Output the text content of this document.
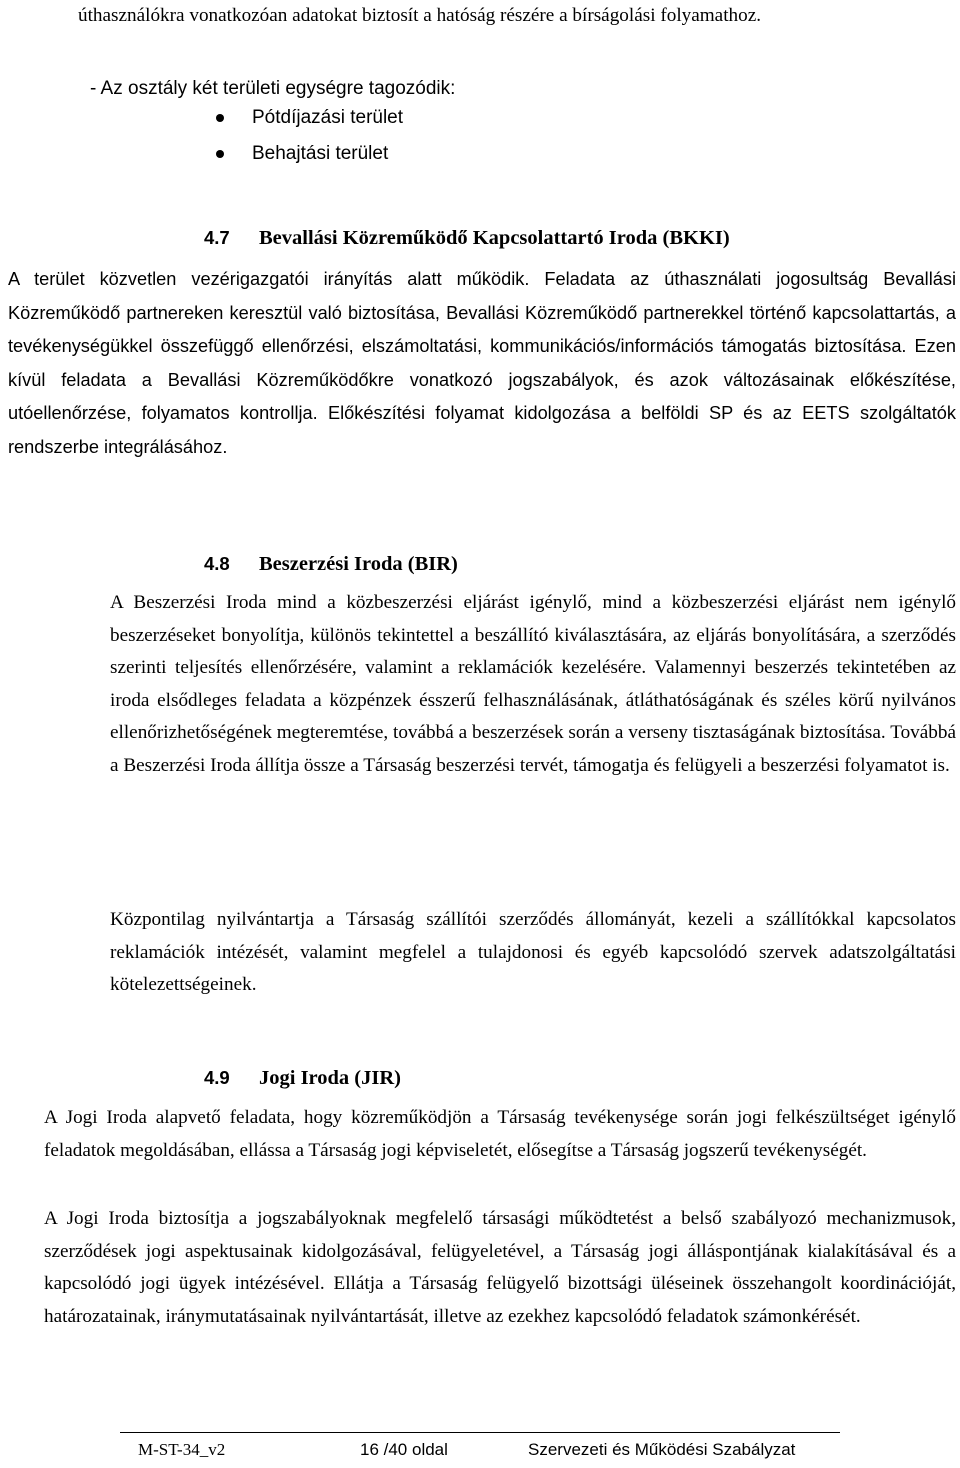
úthasználókra vonatkozóan adatokat biztosít a hatóság részére a bírságolási folyamathoz.

- Az osztály két területi egységre tagozódik:
Pótdíjazási terület
Behajtási terület
4.7 Bevallási Közreműködő Kapcsolattartó Iroda (BKKI)

A terület közvetlen vezérigazgatói irányítás alatt működik. Feladata az úthasználati jogosultság Bevallási Közreműködő partnereken keresztül való biztosítása, Bevallási Közreműködő partnerekkel történő kapcsolattartás, a tevékenységükkel összefüggő ellenőrzési, elszámoltatási, kommunikációs/információs támogatás biztosítása. Ezen kívül feladata a Bevallási Közreműködőkre vonatkozó jogszabályok, és azok változásainak előkészítése, utóellenőrzése, folyamatos kontrollja. Előkészítési folyamat kidolgozása a belföldi SP és az EETS szolgáltatók rendszerbe integrálásához.

4.8 Beszerzési Iroda (BIR)

A Beszerzési Iroda mind a közbeszerzési eljárást igénylő, mind a közbeszerzési eljárást nem igénylő beszerzéseket bonyolítja, különös tekintettel a beszállító kiválasztására, az eljárás bonyolítására, a szerződés szerinti teljesítés ellenőrzésére, valamint a reklamációk kezelésére. Valamennyi beszerzés tekintetében az iroda elsődleges feladata a közpénzek ésszerű felhasználásának, átláthatóságának és széles körű nyilvános ellenőrizhetőségének megteremtése, továbbá a beszerzések során a verseny tisztaságának biztosítása. Továbbá a Beszerzési Iroda állítja össze a Társaság beszerzési tervét, támogatja és felügyeli a beszerzési folyamatot is.

Központilag nyilvántartja a Társaság szállítói szerződés állományát, kezeli a szállítókkal kapcsolatos reklamációk intézését, valamint megfelel a tulajdonosi és egyéb kapcsolódó szervek adatszolgáltatási kötelezettségeinek.

4.9 Jogi Iroda (JIR)

A Jogi Iroda alapvető feladata, hogy közreműködjön a Társaság tevékenysége során jogi felkészültséget igénylő feladatok megoldásában, ellássa a Társaság jogi képviseletét, elősegítse a Társaság jogszerű tevékenységét.

A Jogi Iroda biztosítja a jogszabályoknak megfelelő társasági működtetést a belső szabályozó mechanizmusok, szerződések jogi aspektusainak kidolgozásával, felügyeletével, a Társaság jogi álláspontjának kialakításával és a kapcsolódó jogi ügyek intézésével. Ellátja a Társaság felügyelő bizottsági üléseinek összehangolt koordinációját, határozatainak, iránymutatásainak nyilvántartását, illetve az ezekhez kapcsolódó feladatok számonkérését.

M-ST-34_v2	16 /40 oldal	Szervezeti és Működési Szabályzat
